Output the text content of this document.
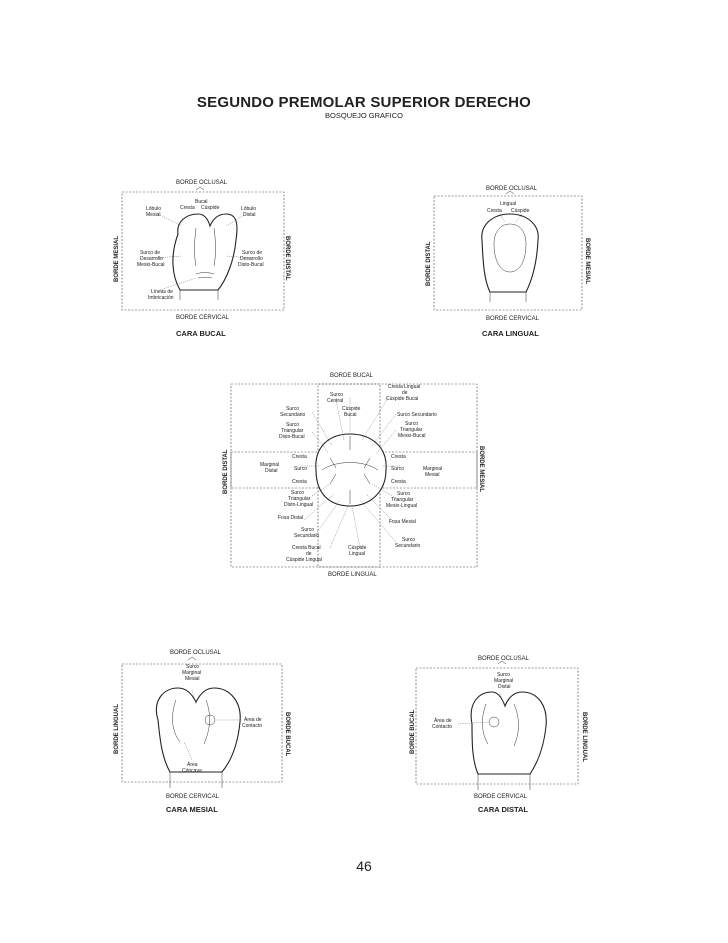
SEGUNDO PREMOLAR SUPERIOR DERECHO
BOSQUEJO GRAFICO
BORDE OCLUSAL
BORDE CERVICAL
BORDE MESIAL	BORDE DISTAL
CARA BUCAL
Bucal
Cresta Cúspide
Lóbulo
Mesial
Lóbulo
Distal
Surco de
Desarrollo
Mesio-Bucal
Surco de
Desarrollo
Disto-Bucal
Líneas de
Imbricación
BORDE OCLUSAL
BORDE CERVICAL
BORDE DISTAL	BORDE MESIAL
CARA LINGUAL
Lingual
Cresta Cúspide
BORDE BUCAL
BORDE LINGUAL
BORDE DISTAL	BORDE MESIAL
Surco
Central
Cúspide
Bucal
Cresta Lingual
de
Cúspide Bucal
Surco
Secundario	Surco Secundario
Surco
Triangular
Disto-Bucal
Surco
Triangular
Mesio-Bucal
Cresta
Surco
Cresta
Marginal
Distal
Cresta
Surco
Cresta
Marginal
Mesial
Surco
Triangular
Disto-Lingual
Surco
Triangular
Mesio-Lingual
Fosa Distal
Fosa Mesial
Surco
Secundario
Surco
Secundario
Cresta Bucal
de
Cúspide Lingual
Cúspide
Lingual
BORDE OCLUSAL
BORDE CERVICAL
BORDE LINGUAL	BORDE BUCAL
CARA MESIAL
Surco
Marginal
Mesial
Área de
Contacto
Área
Cóncava
BORDE OCLUSAL
BORDE CERVICAL
BORDE BUCAL	BORDE LINGUAL
CARA DISTAL
Surco
Marginal
Distal
Área de
Contacto
46
